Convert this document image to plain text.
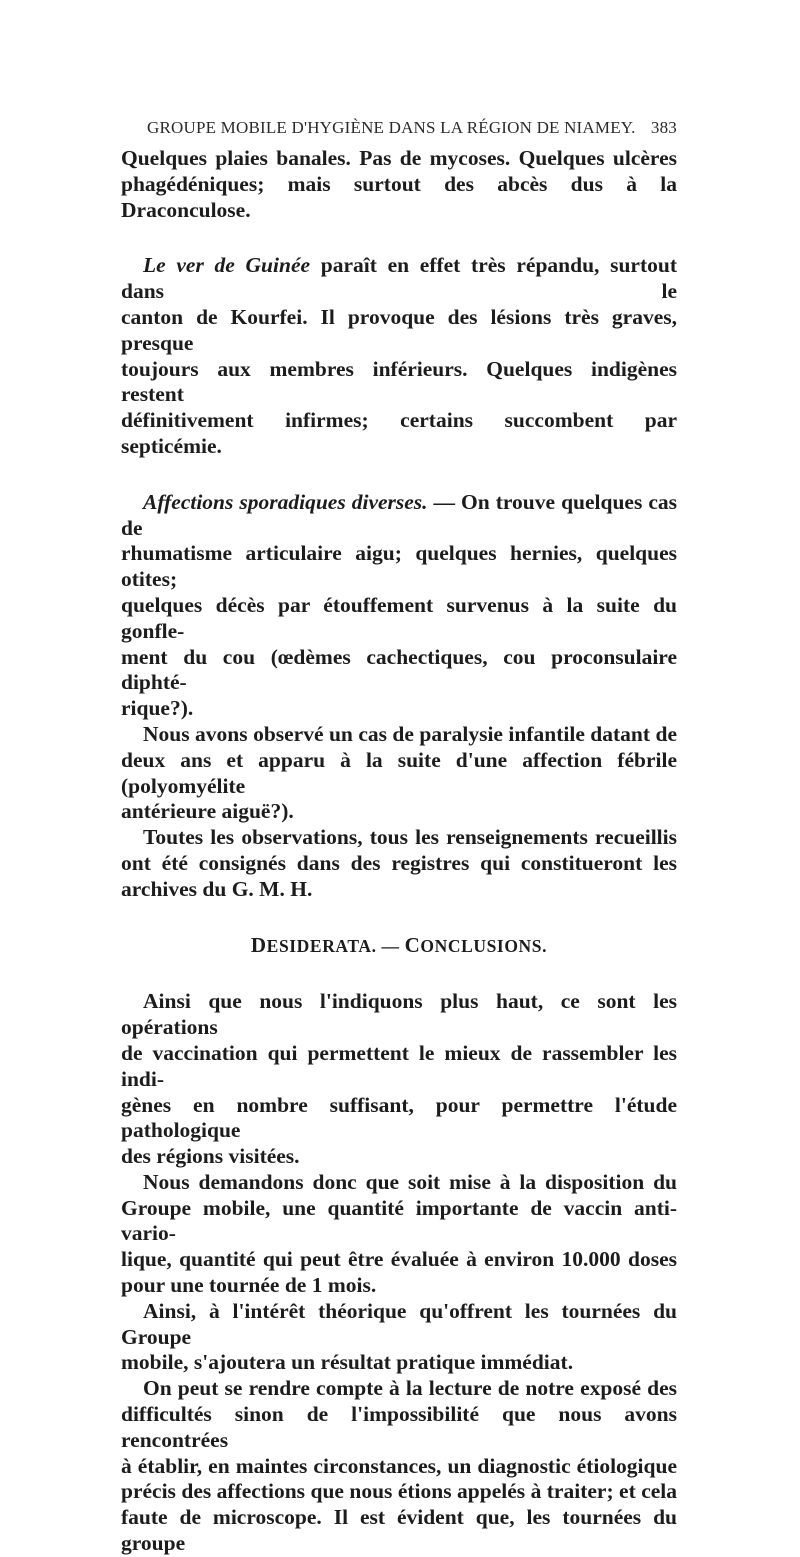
GROUPE MOBILE D'HYGIÈNE DANS LA RÉGION DE NIAMEY. 383

Quelques plaies banales. Pas de mycoses. Quelques ulcères

phagédéniques; mais surtout des abcès dus à la Draconculose.

Le ver de Guinée paraît en effet très répandu, surtout dans le

canton de Kourfei. Il provoque des lésions très graves, presque

toujours aux membres inférieurs. Quelques indigènes restent

définitivement infirmes; certains succombent par septicémie.

Affections sporadiques diverses. — On trouve quelques cas de

rhumatisme articulaire aigu; quelques hernies, quelques otites;

quelques décès par étouffement survenus à la suite du gonfle-

ment du cou (œdèmes cachectiques, cou proconsulaire diphté-

rique?).

Nous avons observé un cas de paralysie infantile datant de

deux ans et apparu à la suite d'une affection fébrile (polyomyélite

antérieure aiguë?).

Toutes les observations, tous les renseignements recueillis

ont été consignés dans des registres qui constitueront les

archives du G. M. H.

DESIDERATA. — CONCLUSIONS.

Ainsi que nous l'indiquons plus haut, ce sont les opérations

de vaccination qui permettent le mieux de rassembler les indi-

gènes en nombre suffisant, pour permettre l'étude pathologique

des régions visitées.

Nous demandons donc que soit mise à la disposition du

Groupe mobile, une quantité importante de vaccin anti-vario-

lique, quantité qui peut être évaluée à environ 10.000 doses

pour une tournée de 1 mois.

Ainsi, à l'intérêt théorique qu'offrent les tournées du Groupe

mobile, s'ajoutera un résultat pratique immédiat.

On peut se rendre compte à la lecture de notre exposé des

difficultés sinon de l'impossibilité que nous avons rencontrées

à établir, en maintes circonstances, un diagnostic étiologique

précis des affections que nous étions appelés à traiter; et cela

faute de microscope. Il est évident que, les tournées du groupe
